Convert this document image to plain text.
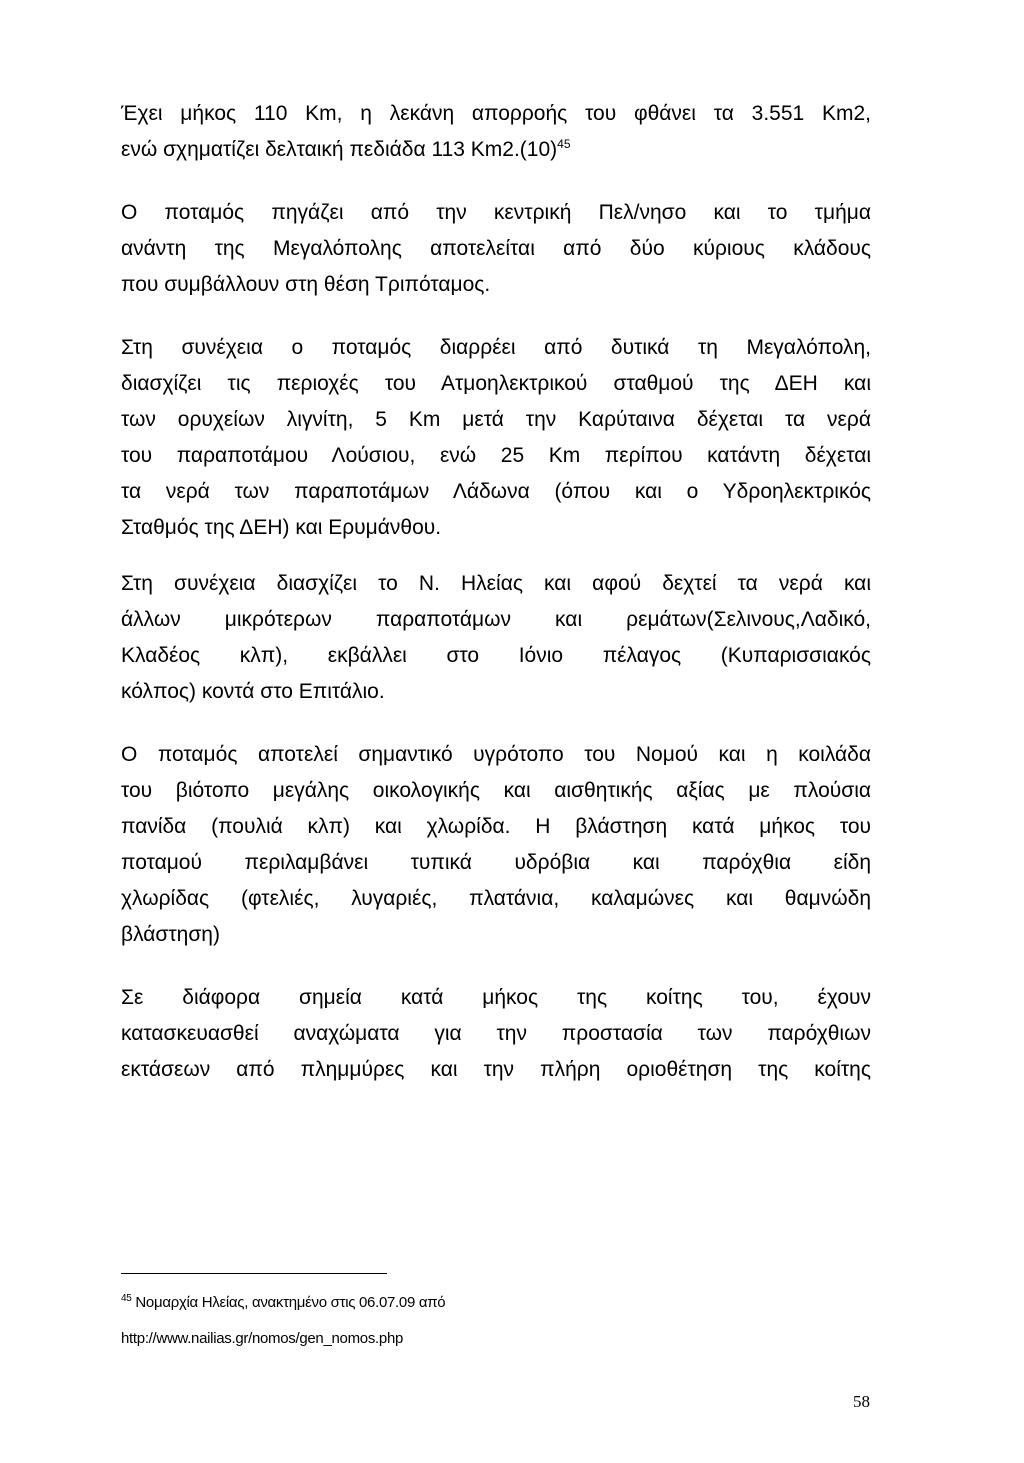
Έχει μήκος 110 Km, η λεκάνη απορροής του φθάνει τα 3.551 Km2,
ενώ σχηματίζει δελταική πεδιάδα 113 $Km2.(10)^{45}$

Ο ποταμός πηγάζει από την κεντρική Πελ/νησο και το τμήμα
ανάντη της Μεγαλόπολης αποτελείται από δύο κύριους κλάδους
που συμβάλλουν στη θέση Τριπόταμος.

Στη συνέχεια ο ποταμός διαρρέει από δυτικά τη Μεγαλόπολη,
διασχίζει τις περιοχές του Ατμοηλεκτρικού σταθμού της ΔΕΗ και
των ορυχείων λιγνίτη, 5 Km μετά την Καρύταινα δέχεται τα νερά
του παραποτάμου Λούσιου, ενώ 25 Km περίπου κατάντη δέχεται
τα νερά των παραποτάμων Λάδωνα (όπου και ο Υδροηλεκτρικός
Σταθμός της ΔΕΗ) και Ερυμάνθου.

Στη συνέχεια διασχίζει το Ν. Ηλείας και αφού δεχτεί τα νερά και
άλλων μικρότερων παραποτάμων και ρεμάτων(Σελινους,Λαδικό,
Κλαδέος κλπ), εκβάλλει στο Ιόνιο πέλαγος (Κυπαρισσιακός
κόλπος) κοντά στο Επιτάλιο.

Ο ποταμός αποτελεί σημαντικό υγρότοπο του Νομού και η κοιλάδα
του βιότοπο μεγάλης οικολογικής και αισθητικής αξίας με πλούσια
πανίδα (πουλιά κλπ) και χλωρίδα. Η βλάστηση κατά μήκος του
ποταμού περιλαμβάνει τυπικά υδρόβια και παρόχθια είδη
χλωρίδας (φτελιές, λυγαριές, πλατάνια, καλαμώνες και θαμνώδη
βλάστηση)

Σε διάφορα σημεία κατά μήκος της κοίτης του, έχουν
κατασκευασθεί αναχώματα για την προστασία των παρόχθιων
εκτάσεων από πλημμύρες και την πλήρη οριοθέτηση της κοίτης

$^{45}$ Νομαρχία Ηλείας, ανακτημένο στις 06.07.09 από
http://www.nailias.gr/nomos/gen_nomos.php
58
